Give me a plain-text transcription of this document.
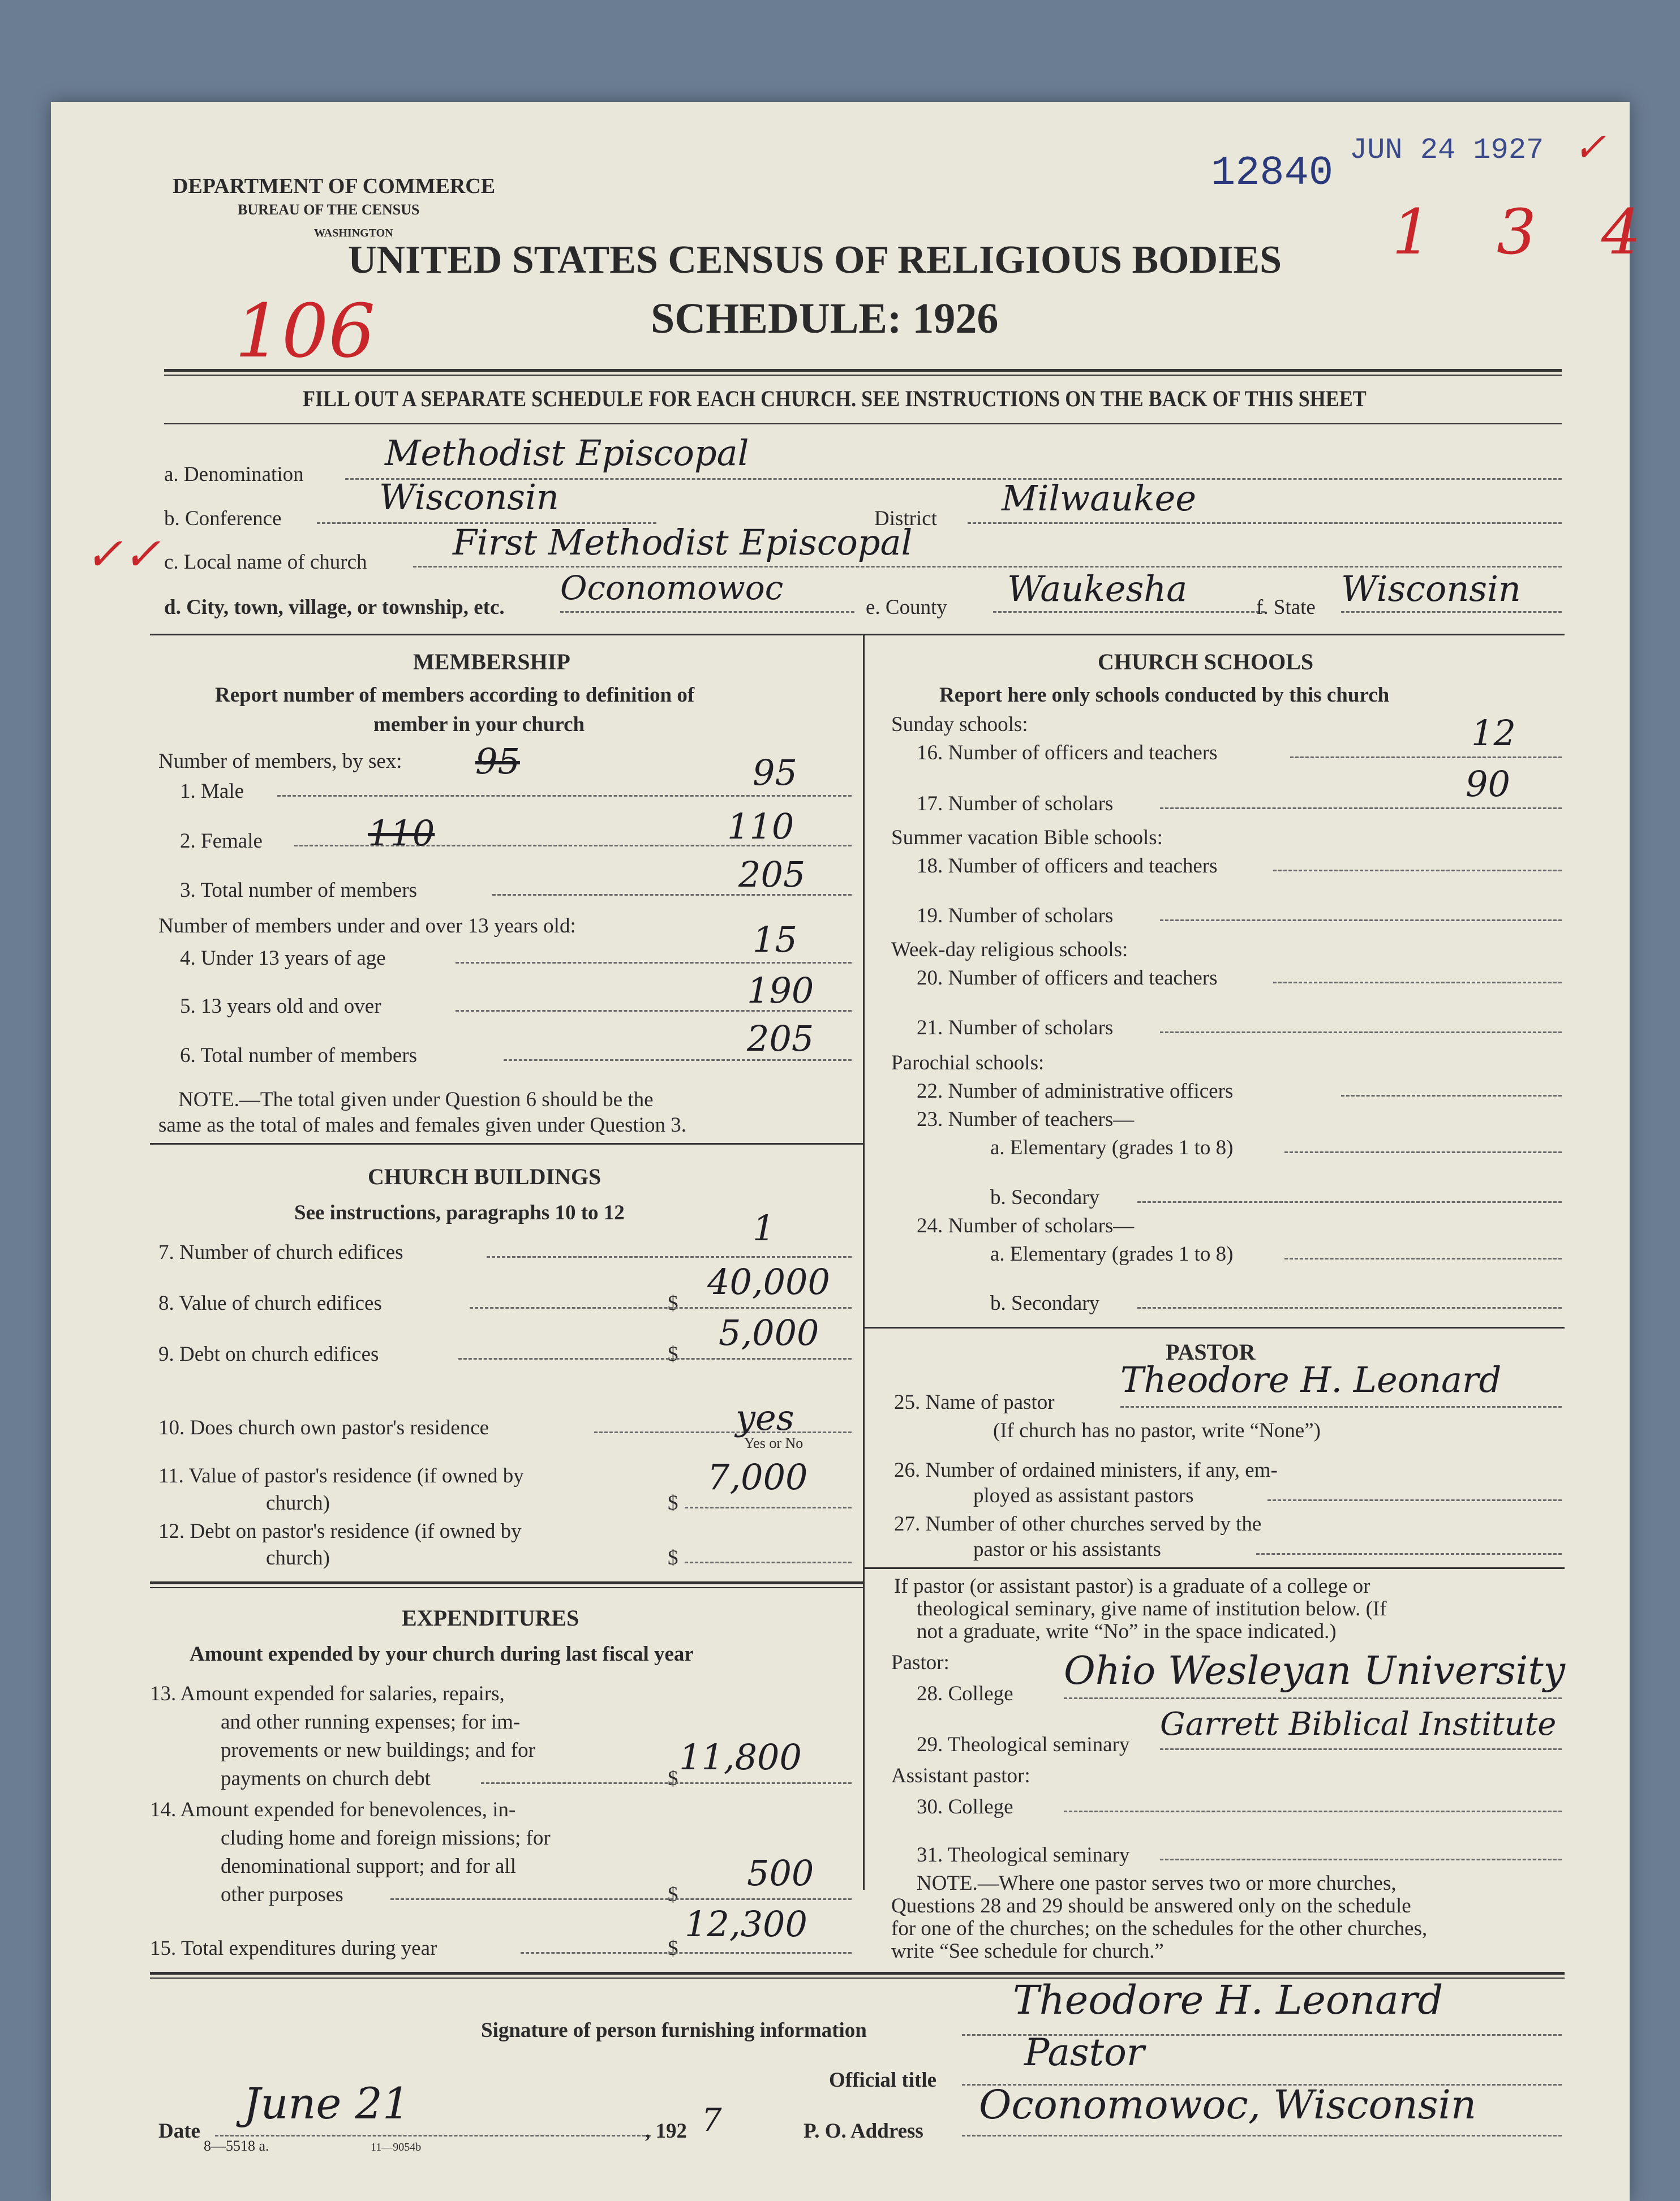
DEPARTMENT OF COMMERCE
BUREAU OF THE CENSUS
WASHINGTON
UNITED STATES CENSUS OF RELIGIOUS BODIES
SCHEDULE: 1926
FILL OUT A SEPARATE SCHEDULE FOR EACH CHURCH. SEE INSTRUCTIONS ON THE BACK OF THIS SHEET
12840 JUN 24 1927 ✓
1 3 4
106
✓✓
a. Denomination
Methodist Episcopal
b. Conference
Wisconsin
District Milwaukee
c. Local name of church First Methodist Episcopal
d. City, town, village, or township, etc.
Oconomowoc
e. County Waukesha	f. State Wisconsin
MEMBERSHIP
Report number of members according to definition of
member in your church
Number of members, by sex:
1. Male
95	95
2. Female	110	110
3. Total number of members	205
Number of members under and over 13 years old:
4. Under 13 years of age	15
5. 13 years old and over	190
6. Total number of members	205
NOTE.—The total given under Question 6 should be the
same as the total of males and females given under Question 3.
CHURCH BUILDINGS
See instructions, paragraphs 10 to 12
7. Number of church edifices
1
8. Value of church edifices	$
40,000
9. Debt on church edifices	$
5,000
10. Does church own pastor's residence	yes
Yes or No
11. Value of pastor's residence (if owned by
church)	$
7,000
12. Debt on pastor's residence (if owned by
church)	$
EXPENDITURES
Amount expended by your church during last fiscal year
13. Amount expended for salaries, repairs,
and other running expenses; for im-
provements or new buildings; and for
payments on church debt	$
11,800
14. Amount expended for benevolences, in-
cluding home and foreign missions; for
denominational support; and for all
other purposes	$
500
15. Total expenditures during year	$
12,300
CHURCH SCHOOLS
Report here only schools conducted by this church
Sunday schools:
16. Number of officers and teachers	12
17. Number of scholars	90
Summer vacation Bible schools:
18. Number of officers and teachers
19. Number of scholars
Week-day religious schools:
20. Number of officers and teachers
21. Number of scholars
Parochial schools:
22. Number of administrative officers
23. Number of teachers—
a. Elementary (grades 1 to 8)
b. Secondary
24. Number of scholars—
a. Elementary (grades 1 to 8)
b. Secondary
PASTOR
25. Name of pastor
Theodore H. Leonard
(If church has no pastor, write “None”)
26. Number of ordained ministers, if any, em-
ployed as assistant pastors
27. Number of other churches served by the
pastor or his assistants
If pastor (or assistant pastor) is a graduate of a college or
theological seminary, give name of institution below. (If
not a graduate, write “No” in the space indicated.)
Pastor:
28. College
Ohio Wesleyan University
29. Theological seminary
Garrett Biblical Institute
Assistant pastor:
30. College
31. Theological seminary
NOTE.—Where one pastor serves two or more churches,
Questions 28 and 29 should be answered only on the schedule
for one of the churches; on the schedules for the other churches,
write “See schedule for church.”
Signature of person furnishing information
Theodore H. Leonard
Official title
Pastor
Date
June 21
, 192 7	P. O. Address
Oconomowoc, Wisconsin
8—5518 a.	11—9054b
